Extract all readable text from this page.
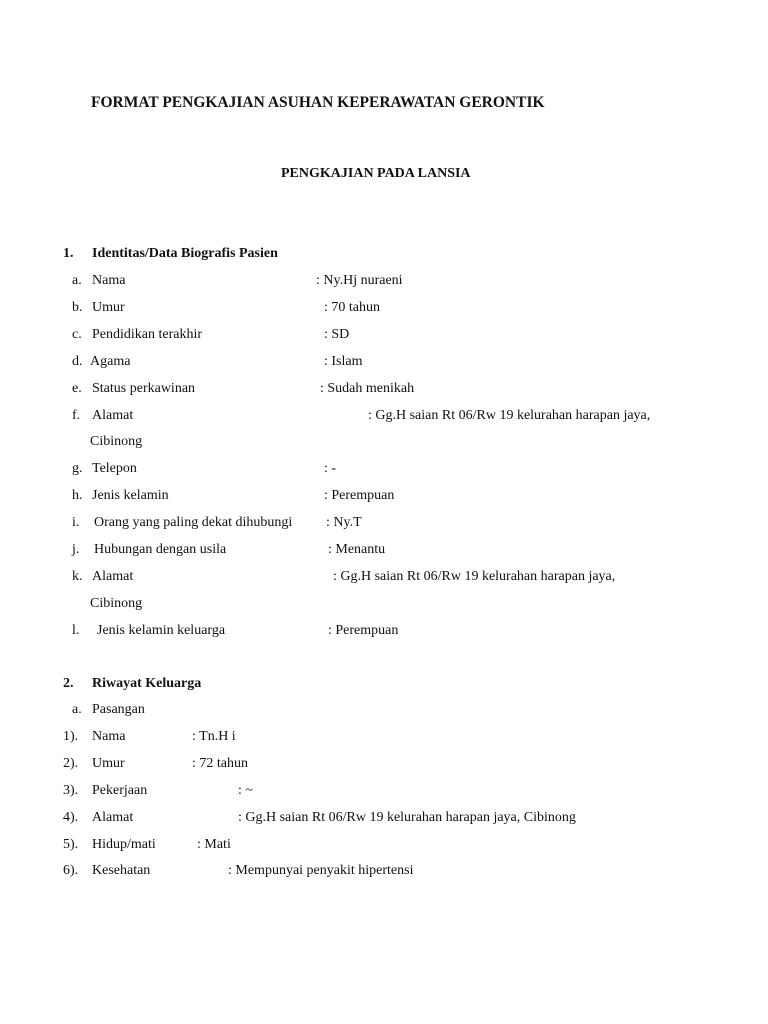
FORMAT PENGKAJIAN ASUHAN KEPERAWATAN GERONTIK
PENGKAJIAN PADA LANSIA
1. Identitas/Data Biografis Pasien
a. Nama	: Ny.Hj nuraeni
b. Umur	: 70 tahun
c. Pendidikan terakhir	: SD
d. Agama	: Islam
e. Status perkawinan	: Sudah menikah
f. Alamat	: Gg.H saian Rt 06/Rw 19 kelurahan harapan jaya,
Cibinong
g. Telepon	: -
h. Jenis kelamin	: Perempuan
i. Orang yang paling dekat dihubungi : Ny.T
j. Hubungan dengan usila	: Menantu
k. Alamat	: Gg.H saian Rt 06/Rw 19 kelurahan harapan jaya,
Cibinong
l. Jenis kelamin keluarga	: Perempuan
2. Riwayat Keluarga
a. Pasangan
1). Nama	: Tn.H i
2). Umur	: 72 tahun
3). Pekerjaan	: ~
4). Alamat	: Gg.H saian Rt 06/Rw 19 kelurahan harapan jaya, Cibinong
5). Hidup/mati	: Mati
6). Kesehatan	: Mempunyai penyakit hipertensi
